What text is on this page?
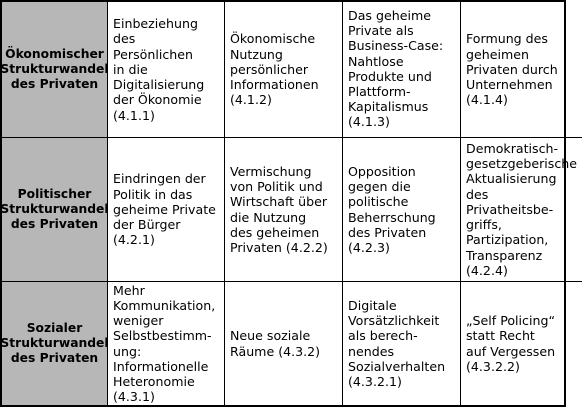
Ökonomischer
Strukturwandel
des Privaten
Einbeziehung
des Persönlichen
in die
Digitalisierung
der Ökonomie
(4.1.1)
Ökonomische
Nutzung
persönlicher
Informationen
(4.1.2)
Das geheime
Private als
Business-Case:
Nahtlose
Produkte und
Plattform-
Kapitalismus
(4.1.3)
Formung des
geheimen
Privaten durch
Unternehmen
(4.1.4)
Politischer
Strukturwandel
des Privaten
Eindringen der
Politik in das
geheime Private
der Bürger (4.2.1)
Vermischung
von Politik und
Wirtschaft über
die Nutzung
des geheimen
Privaten (4.2.2)
Opposition
gegen die
politische
Beherrschung
des Privaten
(4.2.3)
Demokratisch-
gesetzgeberische
Aktualisierung
des Privatheitsbe-
griffs,
Partizipation,
Transparenz
(4.2.4)
Sozialer
Strukturwandel
des Privaten
Mehr
Kommunikation,
weniger
Selbstbestimm-
ung:
Informationelle
Heteronomie
(4.3.1)
Neue soziale
Räume (4.3.2)
Digitale
Vorsätzlichkeit
als berech-
nendes
Sozialverhalten
(4.3.2.1)
„Self Policing“
statt Recht
auf Vergessen
(4.3.2.2)
